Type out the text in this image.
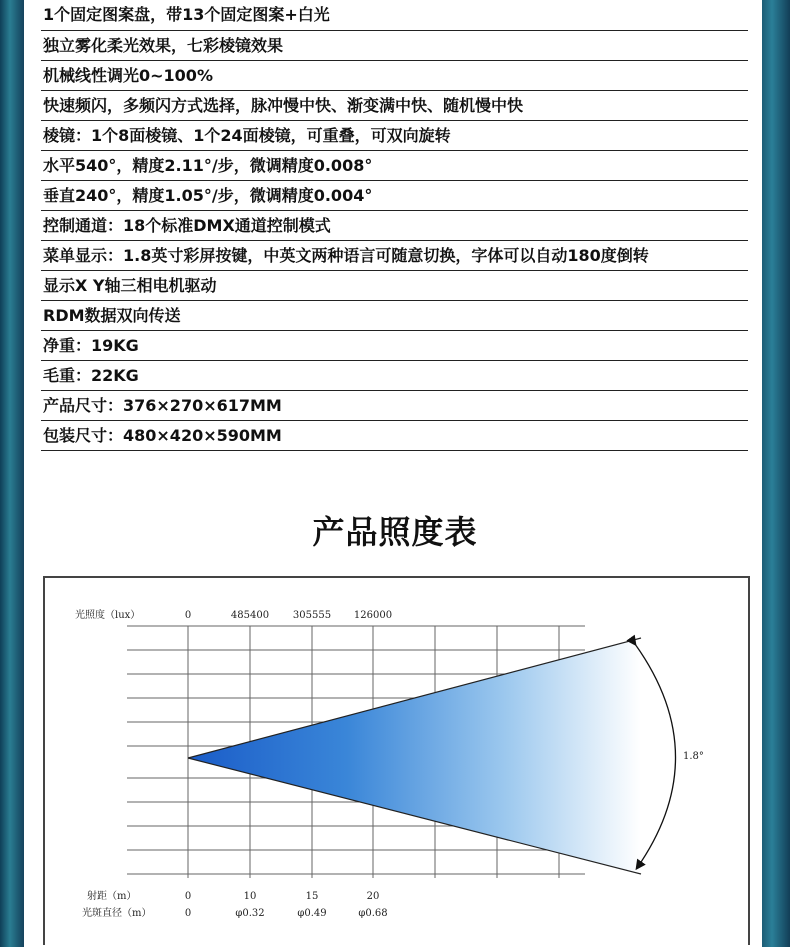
1个固定图案盘，带13个固定图案+白光
独立雾化柔光效果，七彩棱镜效果
机械线性调光0~100%
快速频闪，多频闪方式选择，脉冲慢中快、渐变满中快、随机慢中快
棱镜：1个8面棱镜、1个24面棱镜，可重叠，可双向旋转
水平540°，精度2.11°/步，微调精度0.008°
垂直240°，精度1.05°/步，微调精度0.004°
控制通道：18个标准DMX通道控制模式
菜单显示：1.8英寸彩屏按键，中英文两种语言可随意切换，字体可以自动180度倒转
显示X Y轴三相电机驱动
RDM数据双向传送
净重：19KG
毛重：22KG
产品尺寸：376×270×617MM
包装尺寸：480×420×590MM
产品照度表
1.8°
光照度（lux）	0	485400 305555 126000
射距（m）	0	10	15	20
光斑直径（m）	0	φ0.32	φ0.49	φ0.68
